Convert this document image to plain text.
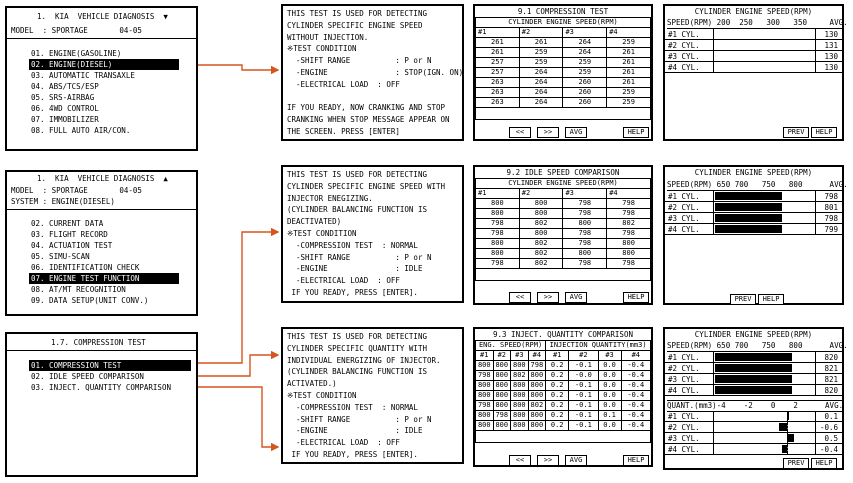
1.  KIA  VEHICLE DIAGNOSIS  ▼
MODEL  : SPORTAGE       04-05
01. ENGINE(GASOLINE)
02. ENGINE(DIESEL)
03. AUTOMATIC TRANSAXLE
04. ABS/TCS/ESP
05. SRS-AIRBAG
06. 4WD CONTROL
07. IMMOBILIZER
08. FULL AUTO AIR/CON.
1.  KIA  VEHICLE DIAGNOSIS  ▲
MODEL  : SPORTAGE       04-05
SYSTEM : ENGINE(DIESEL)
02. CURRENT DATA
03. FLIGHT RECORD
04. ACTUATION TEST
05. SIMU-SCAN
06. IDENTIFICATION CHECK
07. ENGINE TEST FUNCTION
08. AT/MT RECOGNITION
09. DATA SETUP(UNIT CONV.)
1.7. COMPRESSION TEST
01. COMPRESSION TEST
02. IDLE SPEED COMPARISON
03. INJECT. QUANTITY COMPARISON

THIS TEST IS USED FOR DETECTING

CYLINDER SPECIFIC ENGINE SPEED

WITHOUT INJECTION.

※TEST CONDITION

-SHIFT RANGE          : P or N

-ENGINE               : STOP(IGN. ON)

-ELECTRICAL LOAD  : OFF

IF YOU READY, NOW CRANKING AND STOP

CRANKING WHEN STOP MESSAGE APPEAR ON

THE SCREEN. PRESS [ENTER]

THIS TEST IS USED FOR DETECTING

CYLINDER SPECIFIC ENGINE SPEED WITH

INJECTOR ENEGIZING.

(CYLINDER BALANCING FUNCTION IS

DEACTIVATED)

※TEST CONDITION

-COMPRESSION TEST  : NORMAL

-SHIFT RANGE          : P or N

-ENGINE               : IDLE

-ELECTRICAL LOAD  : OFF

IF YOU READY, PRESS [ENTER].

THIS TEST IS USED FOR DETECTING

CYLINDER SPECIFIC QUANTITY WITH

INDIVIDUAL ENERGIZING OF INJECTOR.

(CYLINDER BALANCING FUNCTION IS

ACTIVATED.)

※TEST CONDITION

-COMPRESSION TEST  : NORMAL

-SHIFT RANGE          : P or N

-ENGINE               : IDLE

-ELECTRICAL LOAD  : OFF

IF YOU READY, PRESS [ENTER].

9.1 COMPRESSION TEST
CYLINDER ENGINE SPEED(RPM)			
#1	#2	#3	#4
261	261	264	259
261	259	264	261
257	259	259	261
257	264	259	261
263	264	260	261
263	264	260	259
263	264	260	259

<<	>>	AVG	HELP
9.2 IDLE SPEED COMPARISON
CYLINDER ENGINE SPEED(RPM)			
#1	#2	#3	#4
800	800	798	798
800	800	798	798
798	802	800	802
798	800	798	798
800	802	798	800
800	802	800	800
798	802	798	798

<<	>>	AVG	HELP
9.3 INJECT. QUANTITY COMPARISON
ENG. SPEED(RPM)				INJECTION QUANTITY(mm3)			
#1	#2	#3	#4	#1	#2	#3	#4
800	800	800	798	0.2	-0.1	0.0	-0.4
798	800	802	800	0.2	-0.0	0.0	-0.4
800	800	800	800	0.2	-0.1	0.0	-0.4
800	800	800	800	0.2	-0.1	0.0	-0.4
798	800	800	802	0.2	-0.1	0.0	-0.4
800	798	800	800	0.2	-0.1	0.1	-0.4
800	800	800	800	0.2	-0.1	0.0	-0.4

<<	>>	AVG	HELP
CYLINDER ENGINE SPEED(RPM)
SPEED(RPM) 200  250   300   350     AVG.
#1 CYL.	130
#2 CYL.	131
#3 CYL.	130
#4 CYL.	130
PREV	HELP
CYLINDER ENGINE SPEED(RPM)
SPEED(RPM) 650 700   750   800      AVG.
#1 CYL.	798
#2 CYL.	801
#3 CYL.	798
#4 CYL.	799
PREV	HELP
CYLINDER ENGINE SPEED(RPM)
SPEED(RPM) 650 700   750   800      AVG.
#1 CYL.	820
#2 CYL.	821
#3 CYL.	821
#4 CYL.	820
QUANT.(mm3)-4    -2    0    2      AVG.
#1 CYL.	0.1
#2 CYL.	-0.6
#3 CYL.	0.5
#4 CYL.	-0.4
PREV	HELP
